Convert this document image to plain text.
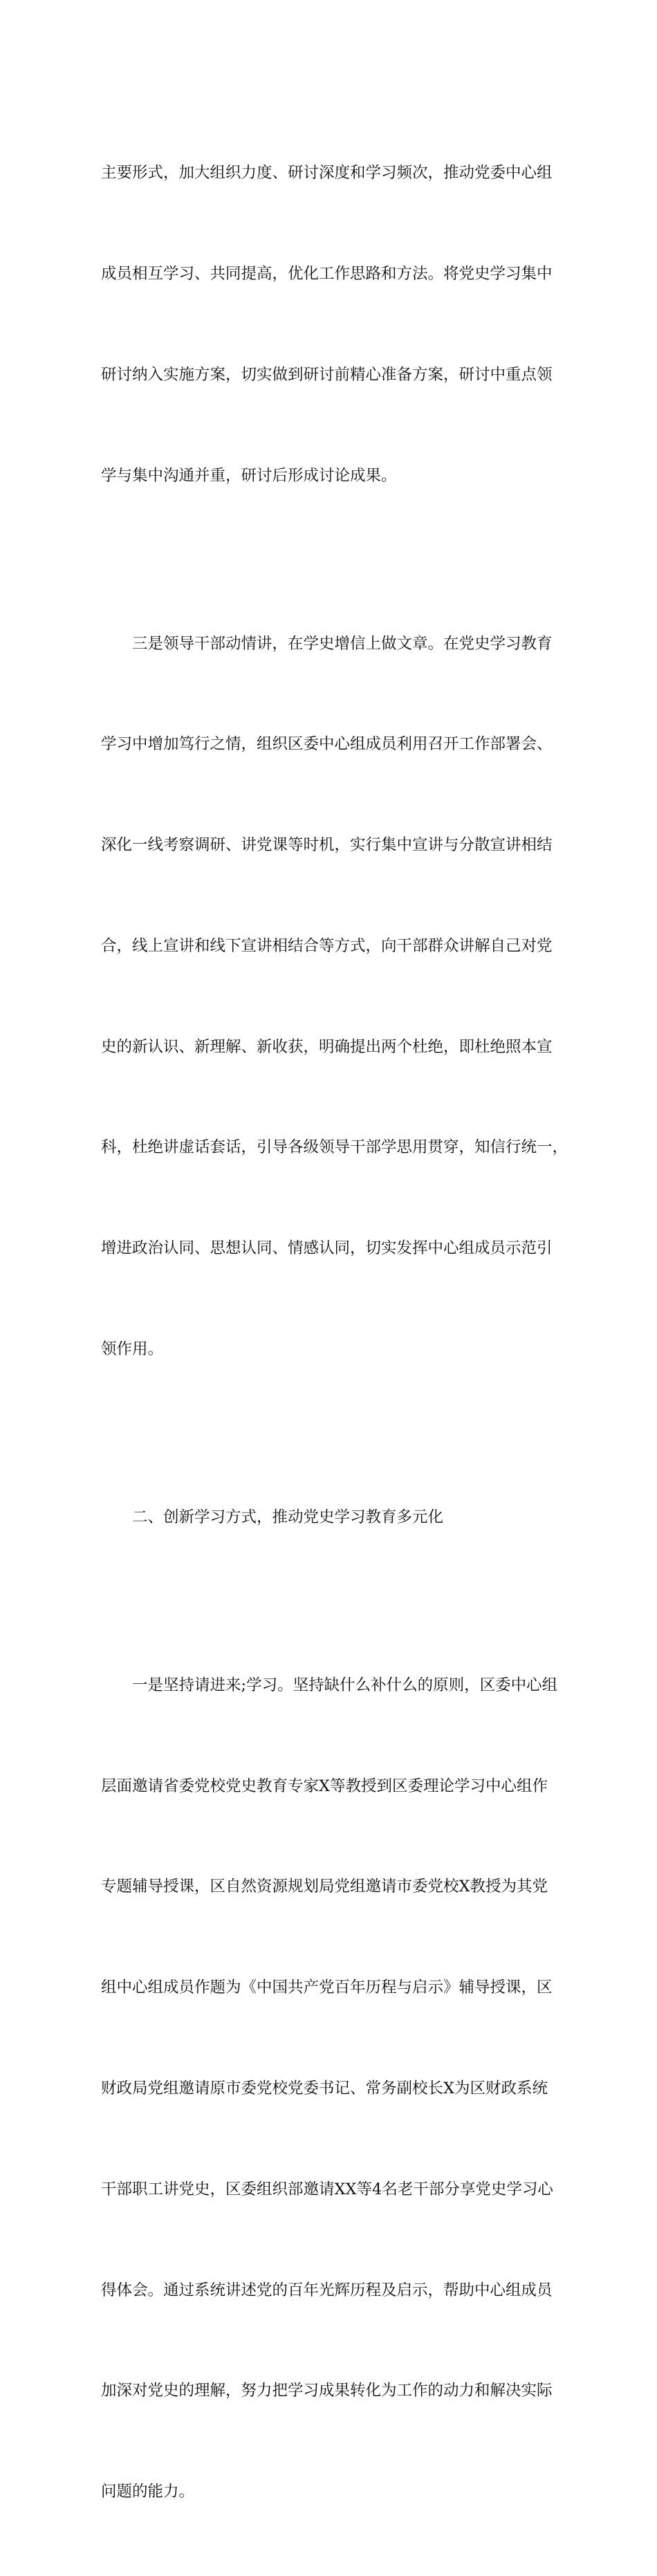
主要形式，加大组织力度、研讨深度和学习频次，推动党委中心组

成员相互学习、共同提高，优化工作思路和方法。将党史学习集中

研讨纳入实施方案，切实做到研讨前精心准备方案，研讨中重点领

学与集中沟通并重，研讨后形成讨论成果。

三是领导干部动情讲，在学史增信上做文章。在党史学习教育

学习中增加笃行之情，组织区委中心组成员利用召开工作部署会、

深化一线考察调研、讲党课等时机，实行集中宣讲与分散宣讲相结

合，线上宣讲和线下宣讲相结合等方式，向干部群众讲解自己对党

史的新认识、新理解、新收获，明确提出两个杜绝，即杜绝照本宣

科，杜绝讲虚话套话，引导各级领导干部学思用贯穿，知信行统一，

增进政治认同、思想认同、情感认同，切实发挥中心组成员示范引

领作用。

二、创新学习方式，推动党史学习教育多元化

一是坚持请进来;学习。坚持缺什么补什么的原则，区委中心组

层面邀请省委党校党史教育专家X等教授到区委理论学习中心组作

专题辅导授课，区自然资源规划局党组邀请市委党校X教授为其党

组中心组成员作题为《中国共产党百年历程与启示》辅导授课，区

财政局党组邀请原市委党校党委书记、常务副校长X为区财政系统

干部职工讲党史，区委组织部邀请XX等4名老干部分享党史学习心

得体会。通过系统讲述党的百年光辉历程及启示，帮助中心组成员

加深对党史的理解，努力把学习成果转化为工作的动力和解决实际

问题的能力。
